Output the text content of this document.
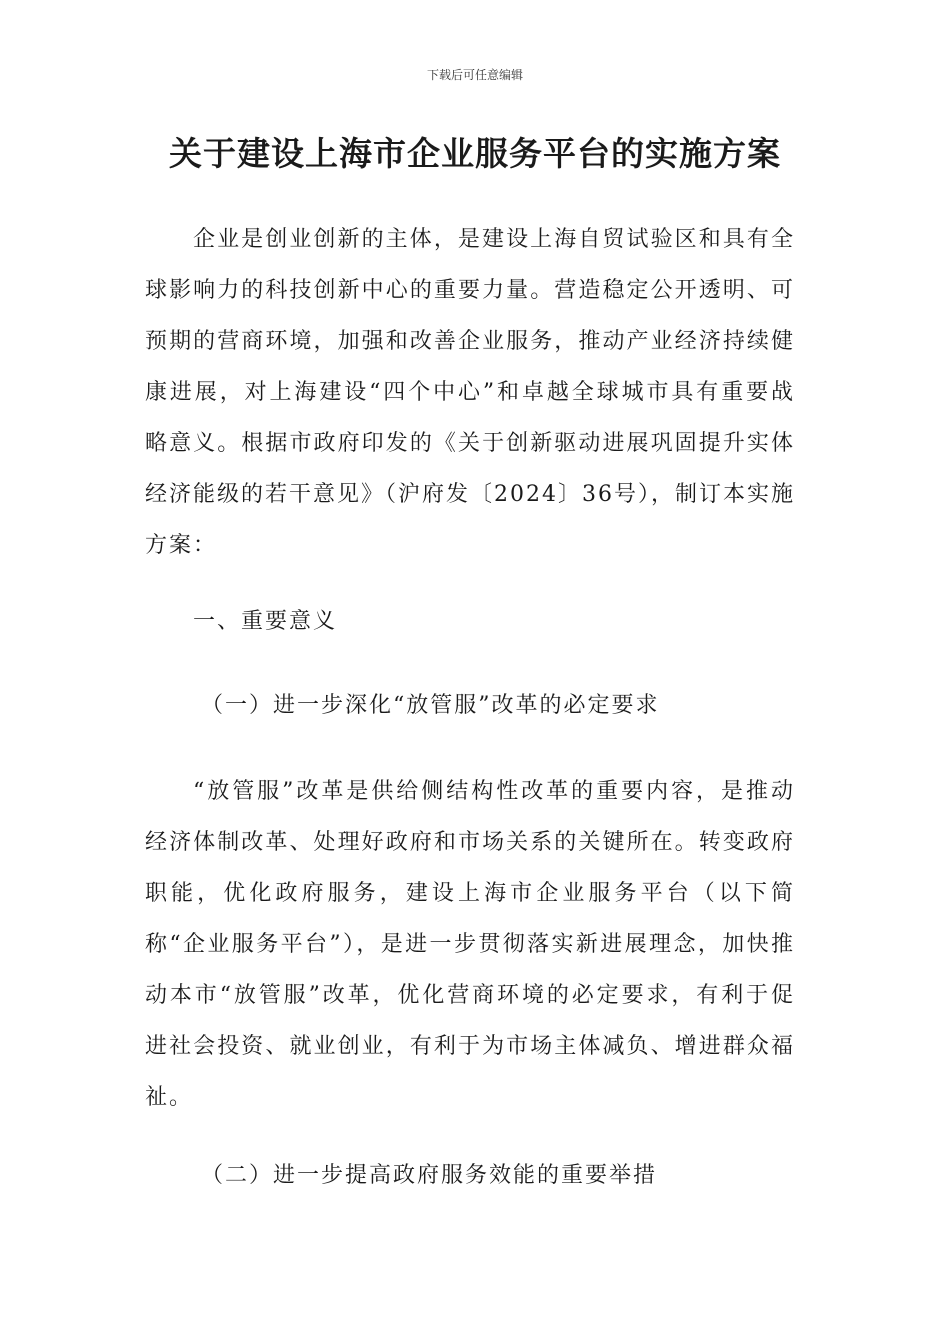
下载后可任意编辑
关于建设上海市企业服务平台的实施方案

企业是创业创新的主体，是建设上海自贸试验区和具有全球影响力的科技创新中心的重要力量。营造稳定公开透明、可预期的营商环境，加强和改善企业服务，推动产业经济持续健康进展，对上海建设“四个中心”和卓越全球城市具有重要战略意义。根据市政府印发的《关于创新驱动进展巩固提升实体经济能级的若干意见》（沪府发〔2024〕36号），制订本实施方案：

一、重要意义

（一）进一步深化“放管服”改革的必定要求

“放管服”改革是供给侧结构性改革的重要内容，是推动经济体制改革、处理好政府和市场关系的关键所在。转变政府职能，优化政府服务，建设上海市企业服务平台（以下简称“企业服务平台”），是进一步贯彻落实新进展理念，加快推动本市“放管服”改革，优化营商环境的必定要求，有利于促进社会投资、就业创业，有利于为市场主体减负、增进群众福祉。

（二）进一步提高政府服务效能的重要举措
